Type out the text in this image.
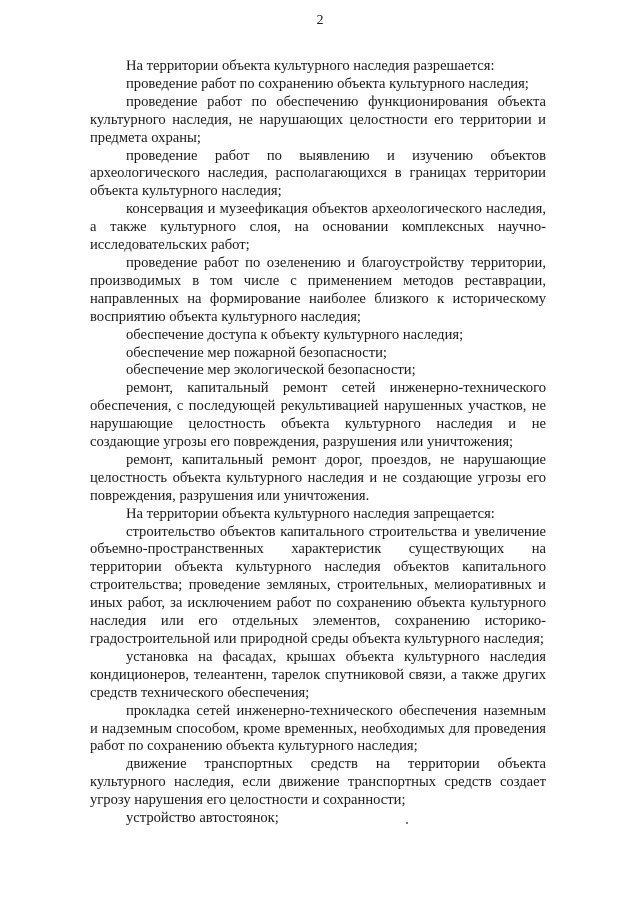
2

На территории объекта культурного наследия разрешается:

проведение работ по сохранению объекта культурного наследия;

проведение работ по обеспечению функционирования объекта культурного наследия, не нарушающих целостности его территории и предмета охраны;

проведение работ по выявлению и изучению объектов археологического наследия, располагающихся в границах территории объекта культурного наследия;

консервация и музеефикация объектов археологического наследия, а также культурного слоя, на основании комплексных научно-исследовательских работ;

проведение работ по озеленению и благоустройству территории, производимых в том числе с применением методов реставрации, направленных на формирование наиболее близкого к историческому восприятию объекта культурного наследия;

обеспечение доступа к объекту культурного наследия;

обеспечение мер пожарной безопасности;

обеспечение мер экологической безопасности;

ремонт, капитальный ремонт сетей инженерно-технического обеспечения, с последующей рекультивацией нарушенных участков, не нарушающие целостность объекта культурного наследия и не создающие угрозы его повреждения, разрушения или уничтожения;

ремонт, капитальный ремонт дорог, проездов, не нарушающие целостность объекта культурного наследия и не создающие угрозы его повреждения, разрушения или уничтожения.

На территории объекта культурного наследия запрещается:

строительство объектов капитального строительства и увеличение объемно-пространственных характеристик существующих на территории объекта культурного наследия объектов капитального строительства; проведение земляных, строительных, мелиоративных и иных работ, за исключением работ по сохранению объекта культурного наследия или его отдельных элементов, сохранению историко-градостроительной или природной среды объекта культурного наследия;

установка на фасадах, крышах объекта культурного наследия кондиционеров, телеантенн, тарелок спутниковой связи, а также других средств технического обеспечения;

прокладка сетей инженерно-технического обеспечения наземным и надземным способом, кроме временных, необходимых для проведения работ по сохранению объекта культурного наследия;

движение транспортных средств на территории объекта культурного наследия, если движение транспортных средств создает угрозу нарушения его целостности и сохранности;

устройство автостоянок;
